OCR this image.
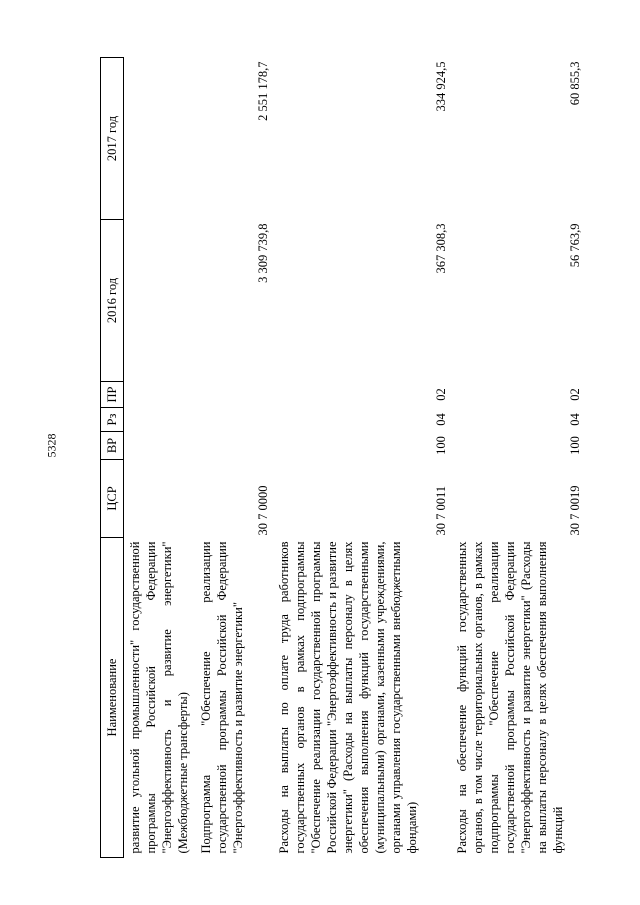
5328
Наименование	ЦСР	ВР	Рз	ПР	2016 год	2017 год
развитие угольной промышленности" государственной программы Российской Федерации "Энергоэффективность и развитие энергетики" (Межбюджетные трансферты)						
Подпрограмма "Обеспечение реализации государственной программы Российской Федерации "Энергоэффективность и развитие энергетики"	30 7 0000				3 309 739,8	2 551 178,7
Расходы на выплаты по оплате труда работников государственных органов в рамках подпрограммы "Обеспечение реализации государственной программы Российской Федерации "Энергоэффективность и развитие энергетики" (Расходы на выплаты персоналу в целях обеспечения выполнения функций государственными (муниципальными) органами, казенными учреждениями, органами управления государственными внебюджетными фондами)	30 7 0011	100	04	02	367 308,3	334 924,5
Расходы на обеспечение функций государственных органов, в том числе территориальных органов, в рамках подпрограммы "Обеспечение реализации государственной программы Российской Федерации "Энергоэффективность и развитие энергетики" (Расходы на выплаты персоналу в целях обеспечения выполнения функций	30 7 0019	100	04	02	56 763,9	60 855,3
